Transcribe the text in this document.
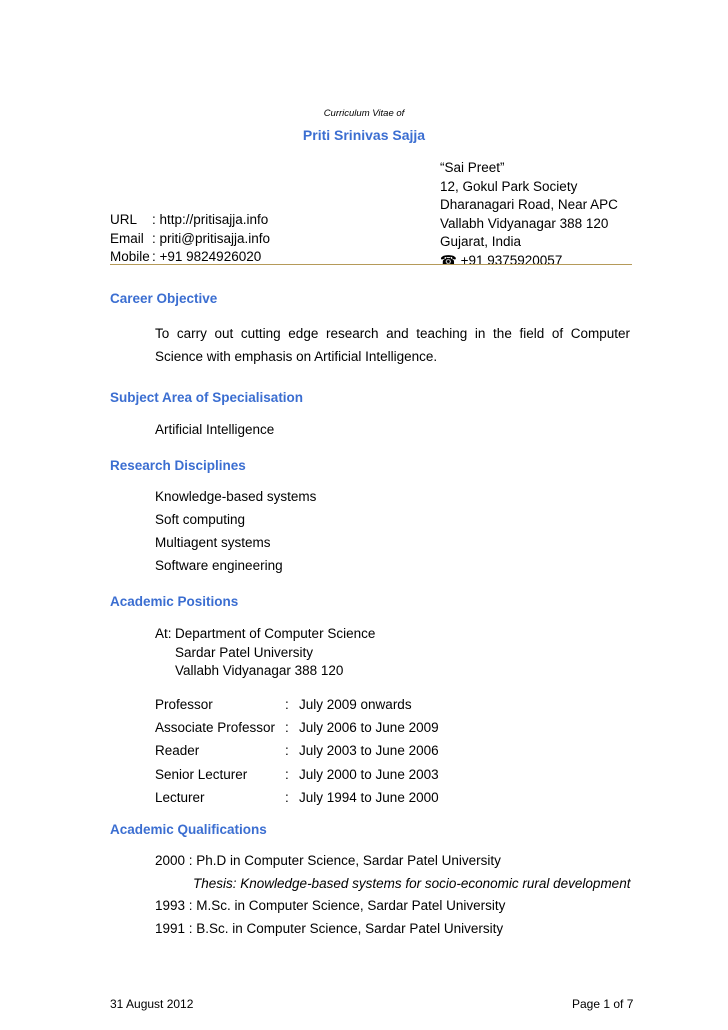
Curriculum Vitae of
Priti Srinivas Sajja
“Sai Preet”
12, Gokul Park Society
Dharanagari Road, Near APC
Vallabh Vidyanagar 388 120
Gujarat, India
☎ +91 9375920057
URL	: http://pritisajja.info
Email : priti@pritisajja.info
Mobile : +91 9824926020
Career Objective
To carry out cutting edge research and teaching in the field of Computer
Science with emphasis on Artificial Intelligence.
Subject Area of Specialisation
Artificial Intelligence
Research Disciplines
Knowledge-based systems
Soft computing
Multiagent systems
Software engineering
Academic Positions
At: Department of Computer Science
Sardar Patel University
Vallabh Vidyanagar 388 120
Professor	: July 2009 onwards
Associate Professor : July 2006 to June 2009
Reader	: July 2003 to June 2006
Senior Lecturer	: July 2000 to June 2003
Lecturer	: July 1994 to June 2000
Academic Qualifications
2000 : Ph.D in Computer Science, Sardar Patel University
Thesis: Knowledge-based systems for socio-economic rural development
1993 : M.Sc. in Computer Science, Sardar Patel University
1991 : B.Sc. in Computer Science, Sardar Patel University
31 August 2012	Page 1 of 7
